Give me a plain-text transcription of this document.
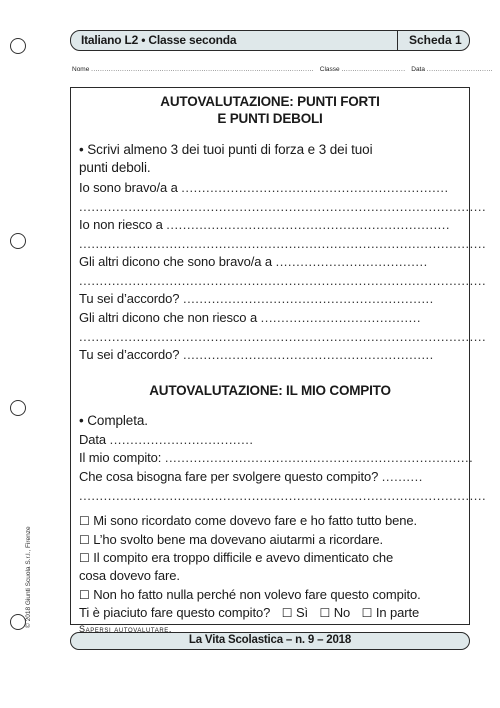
Italiano L2 • Classe seconda	Scheda 1
Nome ..................................................................................................... Classe ............................. Data ..............................
AUTOVALUTAZIONE: PUNTI FORTI
E PUNTI DEBOLI
• Scrivi almeno 3 dei tuoi punti di forza e 3 dei tuoi
punti deboli.
Io sono bravo/a a .................................................................
...................................................................................................
Io non riesco a .....................................................................
...................................................................................................
Gli altri dicono che sono bravo/a a .....................................
...................................................................................................
Tu sei d’accordo? .............................................................
Gli altri dicono che non riesco a .......................................
...................................................................................................
Tu sei d’accordo? .............................................................
AUTOVALUTAZIONE: IL MIO COMPITO
• Completa.
Data ...................................
Il mio compito: ...........................................................................
Che cosa bisogna fare per svolgere questo compito? ..........
...................................................................................................
☐ Mi sono ricordato come dovevo fare e ho fatto tutto bene.
☐ L’ho svolto bene ma dovevano aiutarmi a ricordare.
☐ Il compito era troppo difficile e avevo dimenticato che
cosa dovevo fare.
☐ Non ho fatto nulla perché non volevo fare questo compito.
Ti è piaciuto fare questo compito? ☐ Sì ☐ No ☐ In parte
© 2018 Giunti Scuola S.r.l., Firenze
La Vita Scolastica – n. 9 – 2018
Sapersi autovalutare.
